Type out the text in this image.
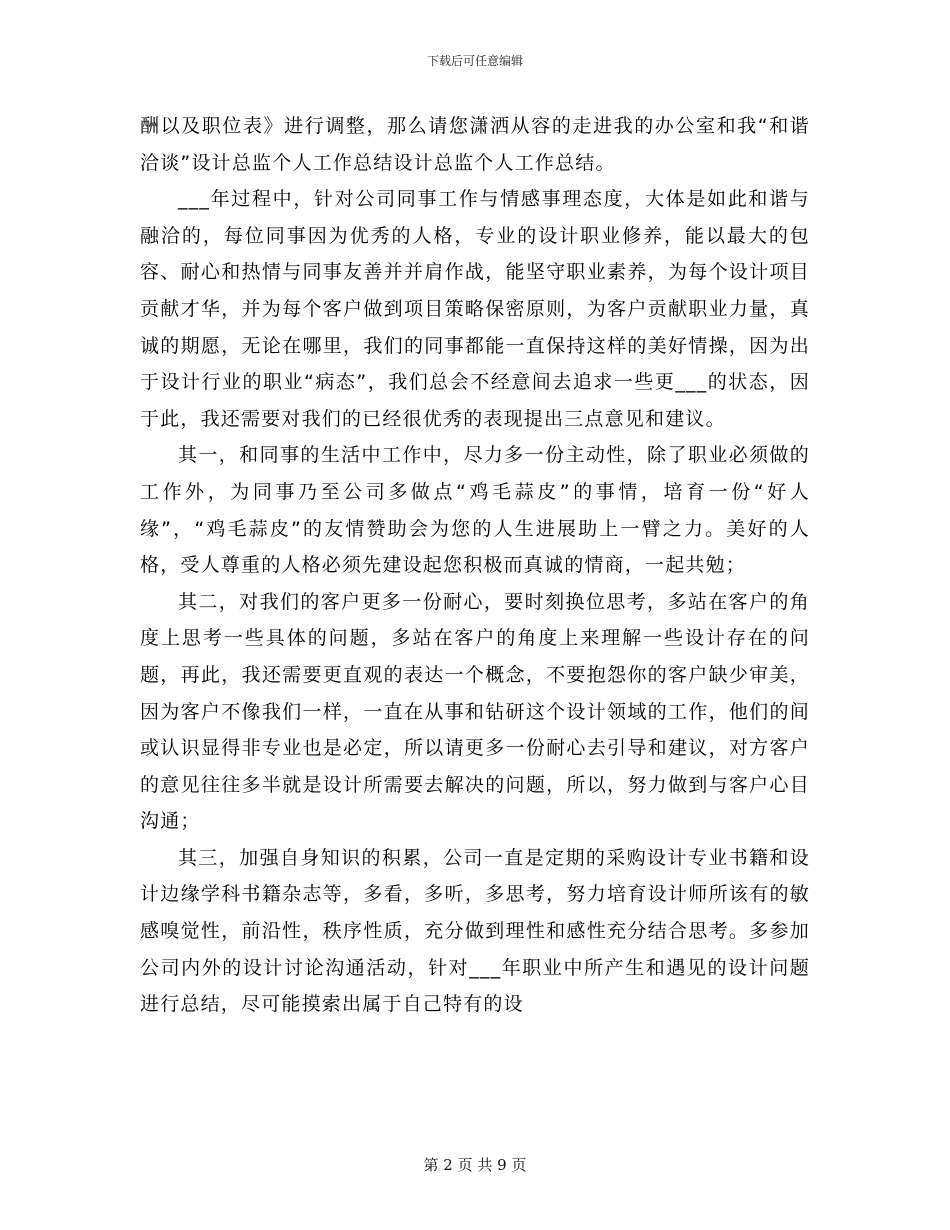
下载后可任意编辑

酬以及职位表》进行调整，那么请您潇洒从容的走进我的办公室和我“和谐洽谈”设计总监个人工作总结设计总监个人工作总结。

___年过程中，针对公司同事工作与情感事理态度，大体是如此和谐与融洽的，每位同事因为优秀的人格，专业的设计职业修养，能以最大的包容、耐心和热情与同事友善并并肩作战，能坚守职业素养，为每个设计项目贡献才华，并为每个客户做到项目策略保密原则，为客户贡献职业力量，真诚的期愿，无论在哪里，我们的同事都能一直保持这样的美好情操，因为出于设计行业的职业“病态”，我们总会不经意间去追求一些更___的状态，因于此，我还需要对我们的已经很优秀的表现提出三点意见和建议。

其一，和同事的生活中工作中，尽力多一份主动性，除了职业必须做的工作外，为同事乃至公司多做点“鸡毛蒜皮”的事情，培育一份“好人缘”，“鸡毛蒜皮”的友情赞助会为您的人生进展助上一臂之力。美好的人格，受人尊重的人格必须先建设起您积极而真诚的情商，一起共勉；

其二，对我们的客户更多一份耐心，要时刻换位思考，多站在客户的角度上思考一些具体的问题，多站在客户的角度上来理解一些设计存在的问题，再此，我还需要更直观的表达一个概念，不要抱怨你的客户缺少审美，因为客户不像我们一样，一直在从事和钻研这个设计领域的工作，他们的间或认识显得非专业也是必定，所以请更多一份耐心去引导和建议，对方客户的意见往往多半就是设计所需要去解决的问题，所以，努力做到与客户心目沟通；

其三，加强自身知识的积累，公司一直是定期的采购设计专业书籍和设计边缘学科书籍杂志等，多看，多听，多思考，努力培育设计师所该有的敏感嗅觉性，前沿性，秩序性质，充分做到理性和感性充分结合思考。多参加公司内外的设计讨论沟通活动，针对___年职业中所产生和遇见的设计问题进行总结，尽可能摸索出属于自己特有的设

第 2 页 共 9 页
